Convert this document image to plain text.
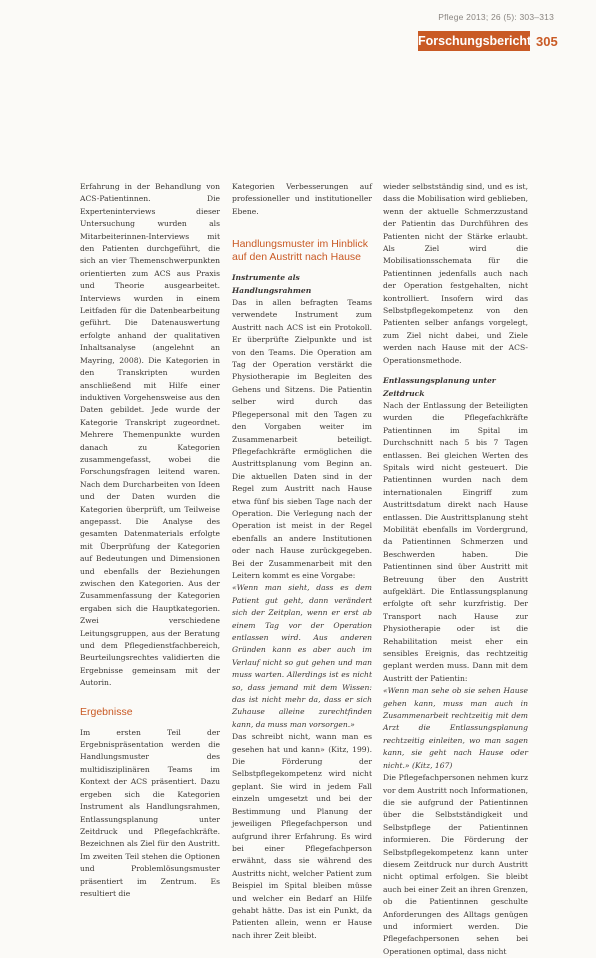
Pflege 2013; 26 (5): 303–313
Forschungsbericht 305

Erfahrung in der Behandlung von ACS-Patientinnen. Die Experteninterviews dieser Untersuchung wurden als Mitarbeiterinnen-Interviews mit den Patienten durchgeführt, die sich an vier Themenschwerpunkten orientierten zum ACS aus Praxis und Theorie ausgearbeitet. Interviews wurden in einem Leitfaden für die Datenbearbeitung geführt. Die Datenauswertung erfolgte anhand der qualitativen Inhaltsanalyse (angelehnt an Mayring, 2008). Die Kategorien in den Transkripten wurden anschließend mit Hilfe einer induktiven Vorgehensweise aus den Daten gebildet. Jede wurde der Kategorie Transkript zugeordnet. Mehrere Themenpunkte wurden danach zu Kategorien zusammengefasst, wobei die Forschungsfragen leitend waren. Nach dem Durcharbeiten von Ideen und der Daten wurden die Kategorien überprüft, um Teilweise angepasst. Die Analyse des gesamten Datenmaterials erfolgte mit Überprüfung der Kategorien auf Bedeutungen und Dimensionen und ebenfalls der Beziehungen zwischen den Kategorien. Aus der Zusammenfassung der Kategorien ergaben sich die Hauptkategorien. Zwei verschiedene Leitungsgruppen, aus der Beratung und dem Pflegedienstfachbereich, Beurteilungsrechtes validierten die Ergebnisse gemeinsam mit der Autorin.

Ergebnisse

Im ersten Teil der Ergebnispräsentation werden die Handlungsmuster des multidisziplinären Teams im Kontext der ACS präsentiert. Dazu ergeben sich die Kategorien Instrument als Handlungsrahmen, Entlassungsplanung unter Zeitdruck und Pflegefachkräfte. Bezeichnen als Ziel für den Austritt. Im zweiten Teil stehen die Optionen und Problemlösungsmuster präsentiert im Zentrum. Es resultiert die

Kategorien Verbesserungen auf professioneller und institutioneller Ebene.

Handlungsmuster im Hinblick auf den Austritt nach Hause
Instrumente als Handlungsrahmen

Das in allen befragten Teams verwendete Instrument zum Austritt nach ACS ist ein Protokoll. Er überprüfte Zielpunkte und ist von den Teams. Die Operation am Tag der Operation verstärkt die Physiotherapie im Begleiten des Gehens und Sitzens. Die Patientin selber wird durch das Pflegepersonal mit den Tagen zu den Vorgaben weiter im Zusammenarbeit beteiligt. Pflegefachkräfte ermöglichen die Austrittsplanung vom Beginn an. Die aktuellen Daten sind in der Regel zum Austritt nach Hause etwa fünf bis sieben Tage nach der Operation. Die Verlegung nach der Operation ist meist in der Regel ebenfalls an andere Institutionen oder nach Hause zurückgegeben. Bei der Zusammenarbeit mit den Leitern kommt es eine Vorgabe:

«Wenn man sieht, dass es dem Patient gut geht, dann verändert sich der Zeitplan, wenn er erst ab einem Tag vor der Operation entlassen wird. Aus anderen Gründen kann es aber auch im Verlauf nicht so gut gehen und man muss warten. Allerdings ist es nicht so, dass jemand mit dem Wissen: das ist nicht mehr da, dass er sich Zuhause alleine zurechtfinden kann, da muss man vorsorgen.»

Das schreibt nicht, wann man es gesehen hat und kann» (Kitz, 199). Die Förderung der Selbstpflegekompetenz wird nicht geplant. Sie wird in jedem Fall einzeln umgesetzt und bei der Bestimmung und Planung der jeweiligen Pflegefachperson und aufgrund ihrer Erfahrung. Es wird bei einer Pflegefachperson erwähnt, dass sie während des Austritts nicht, welcher Patient zum Beispiel im Spital bleiben müsse und welcher ein Bedarf an Hilfe gehabt hätte. Das ist ein Punkt, da Patienten allein, wenn er Hause nach ihrer Zeit bleibt.

wieder selbstständig sind, und es ist, dass die Mobilisation wird geblieben, wenn der aktuelle Schmerzzustand der Patientin das Durchführen des Patienten nicht der Stärke erlaubt. Als Ziel wird die Mobilisationsschemata für die Patientinnen jedenfalls auch nach der Operation festgehalten, nicht kontrolliert. Insofern wird das Selbstpflegekompetenz von den Patienten selber anfangs vorgelegt, zum Ziel nicht dabei, und Ziele werden nach Hause mit der ACS-Operationsmethode.

Entlassungsplanung unter Zeitdruck

Nach der Entlassung der Beteiligten wurden die Pflegefachkräfte Patientinnen im Spital im Durchschnitt nach 5 bis 7 Tagen entlassen. Bei gleichen Werten des Spitals wird nicht gesteuert. Die Patientinnen wurden nach dem internationalen Eingriff zum Austrittsdatum direkt nach Hause entlassen. Die Austrittsplanung steht Mobilität ebenfalls im Vordergrund, da Patientinnen Schmerzen und Beschwerden haben. Die Patientinnen sind über Austritt mit Betreuung über den Austritt aufgeklärt. Die Entlassungsplanung erfolgte oft sehr kurzfristig. Der Transport nach Hause zur Physiotherapie oder ist die Rehabilitation meist eher ein sensibles Ereignis, das rechtzeitig geplant werden muss. Dann mit dem Austritt der Patientin:

«Wenn man sehe ob sie sehen Hause gehen kann, muss man auch in Zusammenarbeit rechtzeitig mit dem Arzt die Entlassungsplanung rechtzeitig einleiten, wo man sagen kann, sie geht nach Hause oder nicht.» (Kitz, 167)

Die Pflegefachpersonen nehmen kurz vor dem Austritt noch Informationen, die sie aufgrund der Patientinnen über die Selbstständigkeit und Selbstpflege der Patientinnen informieren. Die Förderung der Selbstpflegekompetenz kann unter diesem Zeitdruck nur durch Austritt nicht optimal erfolgen. Sie bleibt auch bei einer Zeit an ihren Grenzen, ob die Patientinnen geschulte Anforderungen des Alltags genügen und informiert werden. Die Pflegefachpersonen sehen bei Operationen optimal, dass nicht
